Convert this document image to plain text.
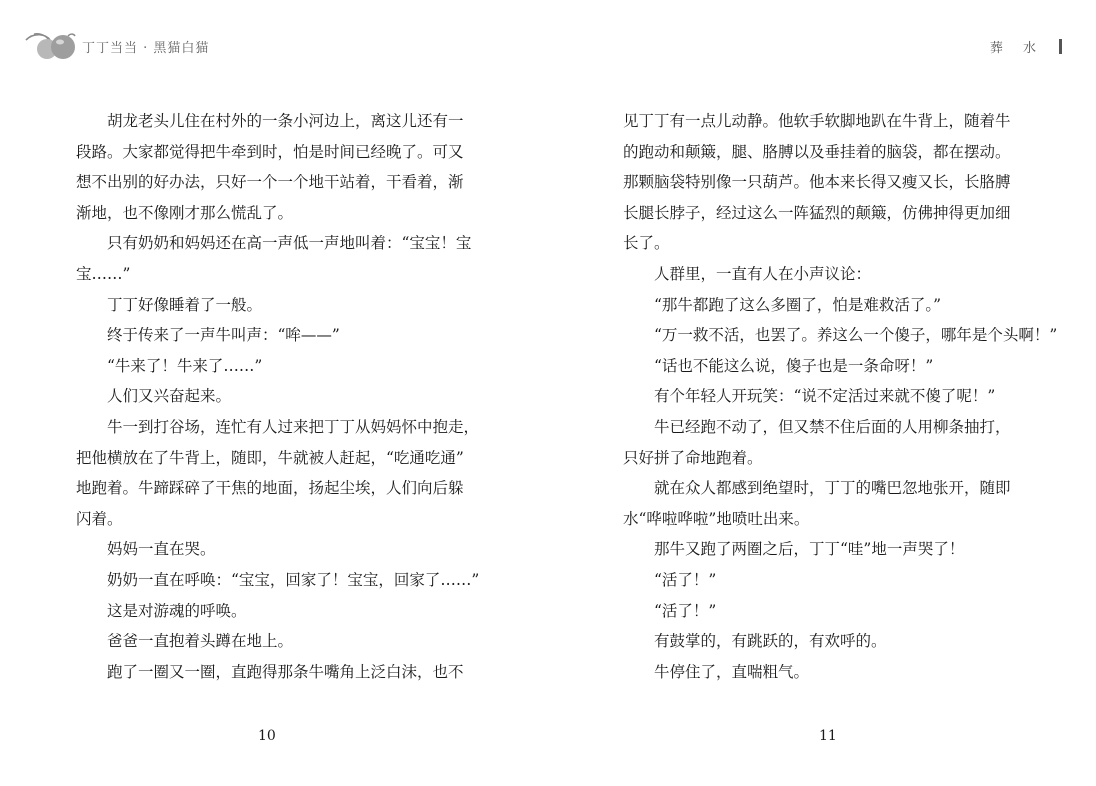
丁丁当当 · 黑猫白猫	葬 水
胡龙老头儿住在村外的一条小河边上，离这儿还有一
段路。大家都觉得把牛牵到时，怕是时间已经晚了。可又
想不出别的好办法，只好一个一个地干站着，干看着，渐
渐地，也不像刚才那么慌乱了。
只有奶奶和妈妈还在高一声低一声地叫着：“宝宝！宝
宝……”
丁丁好像睡着了一般。
终于传来了一声牛叫声：“哞——”
“牛来了！牛来了……”
人们又兴奋起来。
牛一到打谷场，连忙有人过来把丁丁从妈妈怀中抱走，
把他横放在了牛背上，随即，牛就被人赶起，“吃通吃通”
地跑着。牛蹄踩碎了干焦的地面，扬起尘埃，人们向后躲
闪着。
妈妈一直在哭。
奶奶一直在呼唤：“宝宝，回家了！宝宝，回家了……”
这是对游魂的呼唤。
爸爸一直抱着头蹲在地上。
跑了一圈又一圈，直跑得那条牛嘴角上泛白沫，也不
见丁丁有一点儿动静。他软手软脚地趴在牛背上，随着牛
的跑动和颠簸，腿、胳膊以及垂挂着的脑袋，都在摆动。
那颗脑袋特别像一只葫芦。他本来长得又瘦又长，长胳膊
长腿长脖子，经过这么一阵猛烈的颠簸，仿佛抻得更加细
长了。
人群里，一直有人在小声议论：
“那牛都跑了这么多圈了，怕是难救活了。”
“万一救不活，也罢了。养这么一个傻子，哪年是个头啊！”
“话也不能这么说，傻子也是一条命呀！”
有个年轻人开玩笑：“说不定活过来就不傻了呢！”
牛已经跑不动了，但又禁不住后面的人用柳条抽打，
只好拼了命地跑着。
就在众人都感到绝望时，丁丁的嘴巴忽地张开，随即
水“哗啦哗啦”地喷吐出来。
那牛又跑了两圈之后，丁丁“哇”地一声哭了！
“活了！”
“活了！”
有鼓掌的，有跳跃的，有欢呼的。
牛停住了，直喘粗气。
10	11
